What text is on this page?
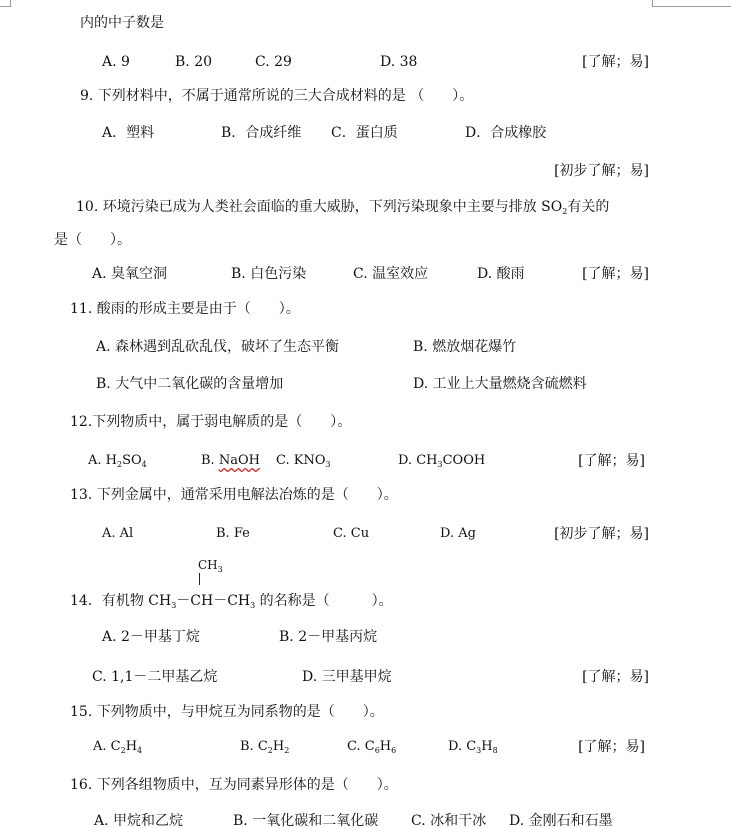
内的中子数是
A. 9	B. 20	C. 29	D. 38	[了解；易]
9. 下列材料中，不属于通常所说的三大合成材料的是 （　　）。
A．塑料	B．合成纤维 C．蛋白质	D．合成橡胶
[初步了解；易]
10. 环境污染已成为人类社会面临的重大威胁，下列污染现象中主要与排放 $SO_2$有关的
是（　　）。
A. 臭氧空洞	B. 白色污染	C. 温室效应	D. 酸雨	[了解；易]
11. 酸雨的形成主要是由于（　　）。
A. 森林遇到乱砍乱伐，破坏了生态平衡	B. 燃放烟花爆竹
B. 大气中二氧化碳的含量增加	D. 工业上大量燃烧含硫燃料
12.下列物质中，属于弱电解质的是（　　）。
A. $H_2SO_4$	B. NaOH C. $KNO_3$	D. $CH_3COOH$	[了解；易]
13. 下列金属中，通常采用电解法冶炼的是（　　）。
A. Al	B. Fe	C. Cu	D. Ag	[初步了解；易]
$CH_3$
14．有机物 $CH_3-CH-CH_3$ 的名称是（　　　）。
A. 2－甲基丁烷	B. 2－甲基丙烷
C. 1,1－二甲基乙烷	D. 三甲基甲烷	[了解；易]
15. 下列物质中，与甲烷互为同系物的是（　　）。
A. $C_2H_4$	B. $C_2H_2$	C. $C_6H_6$	D. $C_3H_8$	[了解；易]
16. 下列各组物质中，互为同素异形体的是（　　）。
A. 甲烷和乙烷	B. 一氧化碳和二氧化碳 C. 冰和干冰 D. 金刚石和石墨
